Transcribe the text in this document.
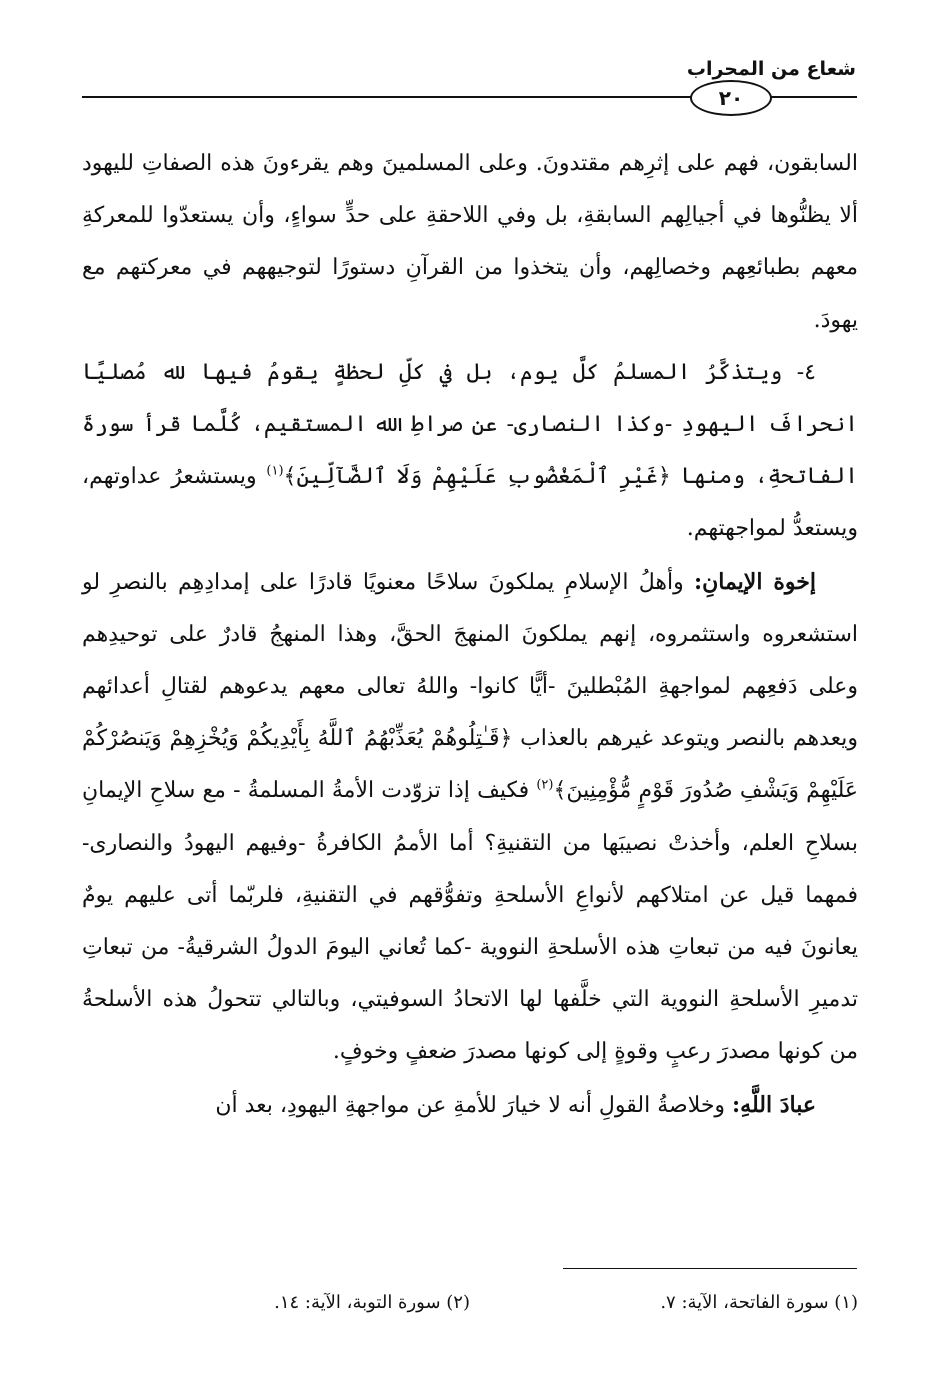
شعاع من المحراب
٢٠

السابقون، فهم على إثرِهم مقتدونَ. وعلى المسلمينَ وهم يقرءونَ هذه الصفاتِ لليهود ألا يظنُّوها في أجيالِهم السابقةِ، بل وفي اللاحقةِ على حدٍّ سواءٍ، وأن يستعدّوا للمعركةِ معهم بطبائعِهم وخصالِهم، وأن يتخذوا من القرآنِ دستورًا لتوجيههم في معركتهم مع يهودَ.

٤- ويتذكَّرُ المسلمُ كلَّ يوم، بل في كلِّ لحظةٍ يقومُ فيها لله مُصليًا انحرافَ اليهودِ -وكذا النصارى- عن صراطِ الله المستقيم، كُلَّما قرأ سورةَ الفاتحةِ، ومنها ﴿غَيْرِ ٱلْمَغْضُوبِ عَلَيْهِمْ وَلَا ٱلضَّآلِّينَ﴾$^{(١)}$ ويستشعرُ عداوتهم، ويستعدُّ لمواجهتهم.

إخوة الإيمانِ: وأهلُ الإسلامِ يملكونَ سلاحًا معنويًا قادرًا على إمدادِهِم بالنصرِ لو استشعروه واستثمروه، إنهم يملكونَ المنهجَ الحقَّ، وهذا المنهجُ قادرٌ على توحيدِهم وعلى دَفعِهم لمواجهةِ المُبْطلينَ -أيًّا كانوا- واللهُ تعالى معهم يدعوهم لقتالِ أعدائهم ويعدهم بالنصر ويتوعد غيرهم بالعذاب ﴿قَـٰتِلُوهُمْ يُعَذِّبْهُمُ ٱللَّهُ بِأَيْدِيكُمْ وَيُخْزِهِمْ وَيَنصُرْكُمْ عَلَيْهِمْ وَيَشْفِ صُدُورَ قَوْمٍ مُّؤْمِنِينَ﴾$^{(٢)}$ فكيف إذا تزوّدت الأمةُ المسلمةُ - مع سلاحِ الإيمانِ بسلاحِ العلم، وأخذتْ نصيبَها من التقنيةِ؟ أما الأممُ الكافرةُ -وفيهم اليهودُ والنصارى- فمهما قيل عن امتلاكهم لأنواعِ الأسلحةِ وتفوُّقهم في التقنيةِ، فلربّما أتى عليهم يومٌ يعانونَ فيه من تبعاتِ هذه الأسلحةِ النووية -كما تُعاني اليومَ الدولُ الشرقيةُ- من تبعاتِ تدميرِ الأسلحةِ النووية التي خلَّفها لها الاتحادُ السوفيتي، وبالتالي تتحولُ هذه الأسلحةُ من كونها مصدرَ رعبٍ وقوةٍ إلى كونها مصدرَ ضعفٍ وخوفٍ.

عبادَ اللَّهِ: وخلاصةُ القولِ أنه لا خيارَ للأمةِ عن مواجهةِ اليهودِ، بعد أن

(١) سورة الفاتحة، الآية: ٧.
(٢) سورة التوبة، الآية: ١٤.
